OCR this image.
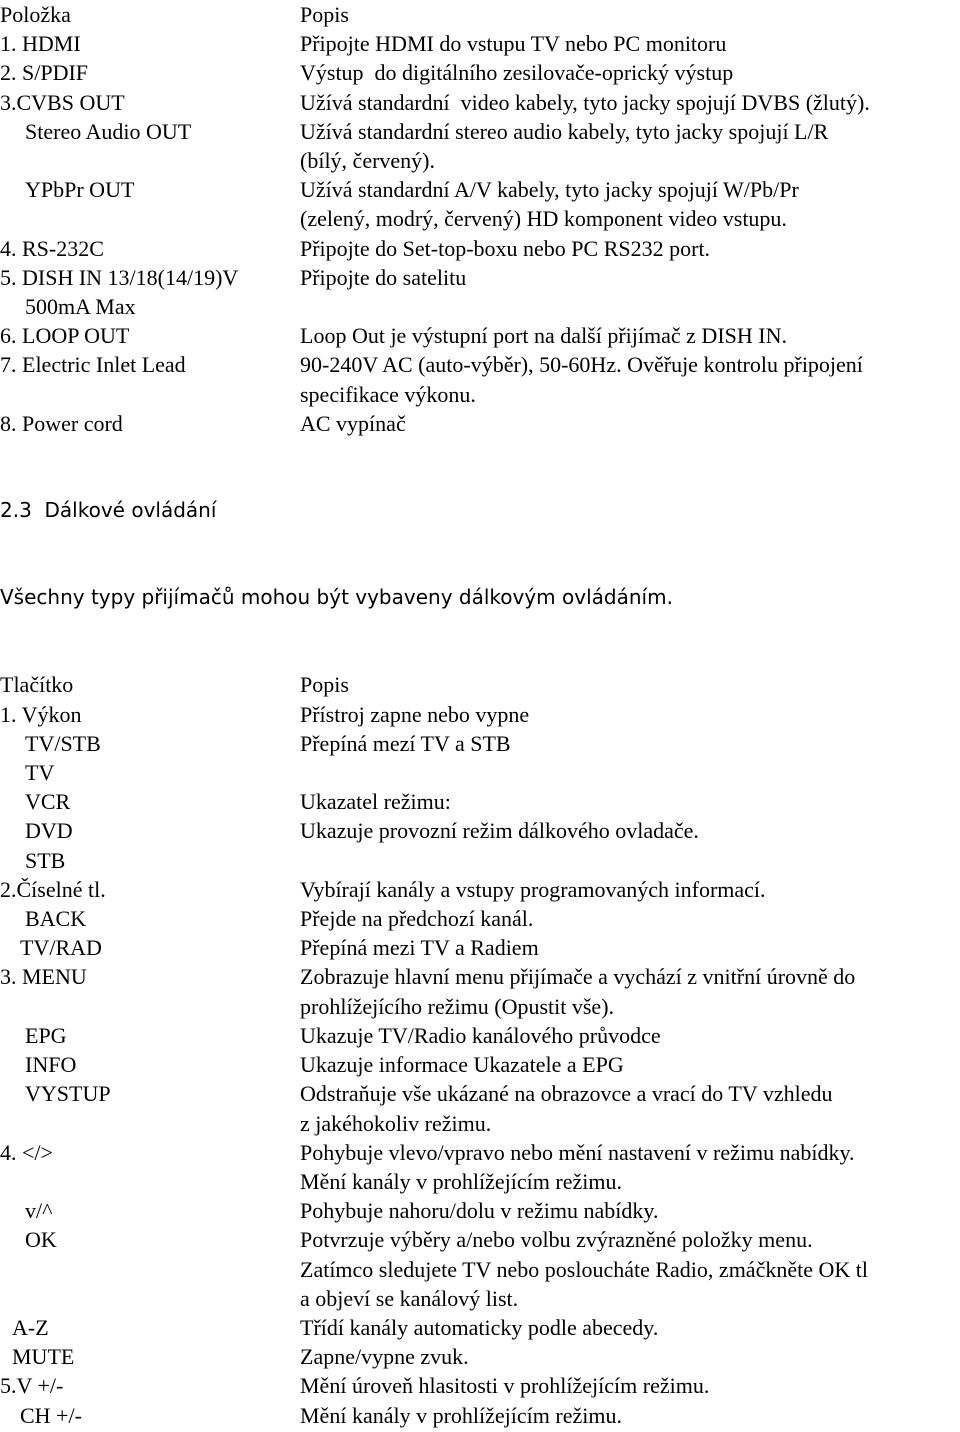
Položka	Popis
1. HDMI	Připojte HDMI do vstupu TV nebo PC monitoru
2. S/PDIF	Výstup  do digitálního zesilovače-oprický výstup
3.CVBS OUT	Užívá standardní  video kabely, tyto jacky spojují DVBS (žlutý).
Stereo Audio OUT	Užívá standardní stereo audio kabely, tyto jacky spojují L/R
(bílý, červený).
YPbPr OUT	Užívá standardní A/V kabely, tyto jacky spojují W/Pb/Pr
(zelený, modrý, červený) HD komponent video vstupu.
4. RS-232C	Připojte do Set-top-boxu nebo PC RS232 port.
5. DISH IN 13/18(14/19)V	Připojte do satelitu
500mA Max
6. LOOP OUT	Loop Out je výstupní port na další přijímač z DISH IN.
7. Electric Inlet Lead	90-240V AC (auto-výběr), 50-60Hz. Ověřuje kontrolu připojení
specifikace výkonu.
8. Power cord	AC vypínač
2.3  Dálkové ovládání
Všechny typy přijímačů mohou být vybaveny dálkovým ovládáním.
Tlačítko	Popis
1. Výkon	Přístroj zapne nebo vypne
TV/STB	Přepíná mezí TV a STB
TV

VCR	Ukazatel režimu:
DVD	Ukazuje provozní režim dálkového ovladače.
STB

2.Číselné tl.	Vybírají kanály a vstupy programovaných informací.
BACK	Přejde na předchozí kanál.
TV/RAD	Přepíná mezi TV a Radiem
3. MENU	Zobrazuje hlavní menu přijímače a vychází z vnitřní úrovně do
prohlížejícího režimu (Opustit vše).
EPG	Ukazuje TV/Radio kanálového průvodce
INFO	Ukazuje informace Ukazatele a EPG
VYSTUP	Odstraňuje vše ukázané na obrazovce a vrací do TV vzhledu
z jakéhokoliv režimu.
4. </>	Pohybuje vlevo/vpravo nebo mění nastavení v režimu nabídky.
Mění kanály v prohlížejícím režimu.
v/^	Pohybuje nahoru/dolu v režimu nabídky.
OK	Potvrzuje výběry a/nebo volbu zvýrazněné položky menu.
Zatímco sledujete TV nebo posloucháte Radio, zmáčkněte OK tl
a objeví se kanálový list.
A-Z	Třídí kanály automaticky podle abecedy.
MUTE	Zapne/vypne zvuk.
5.V +/-	Mění úroveň hlasitosti v prohlížejícím režimu.
CH +/-	Mění kanály v prohlížejícím režimu.
